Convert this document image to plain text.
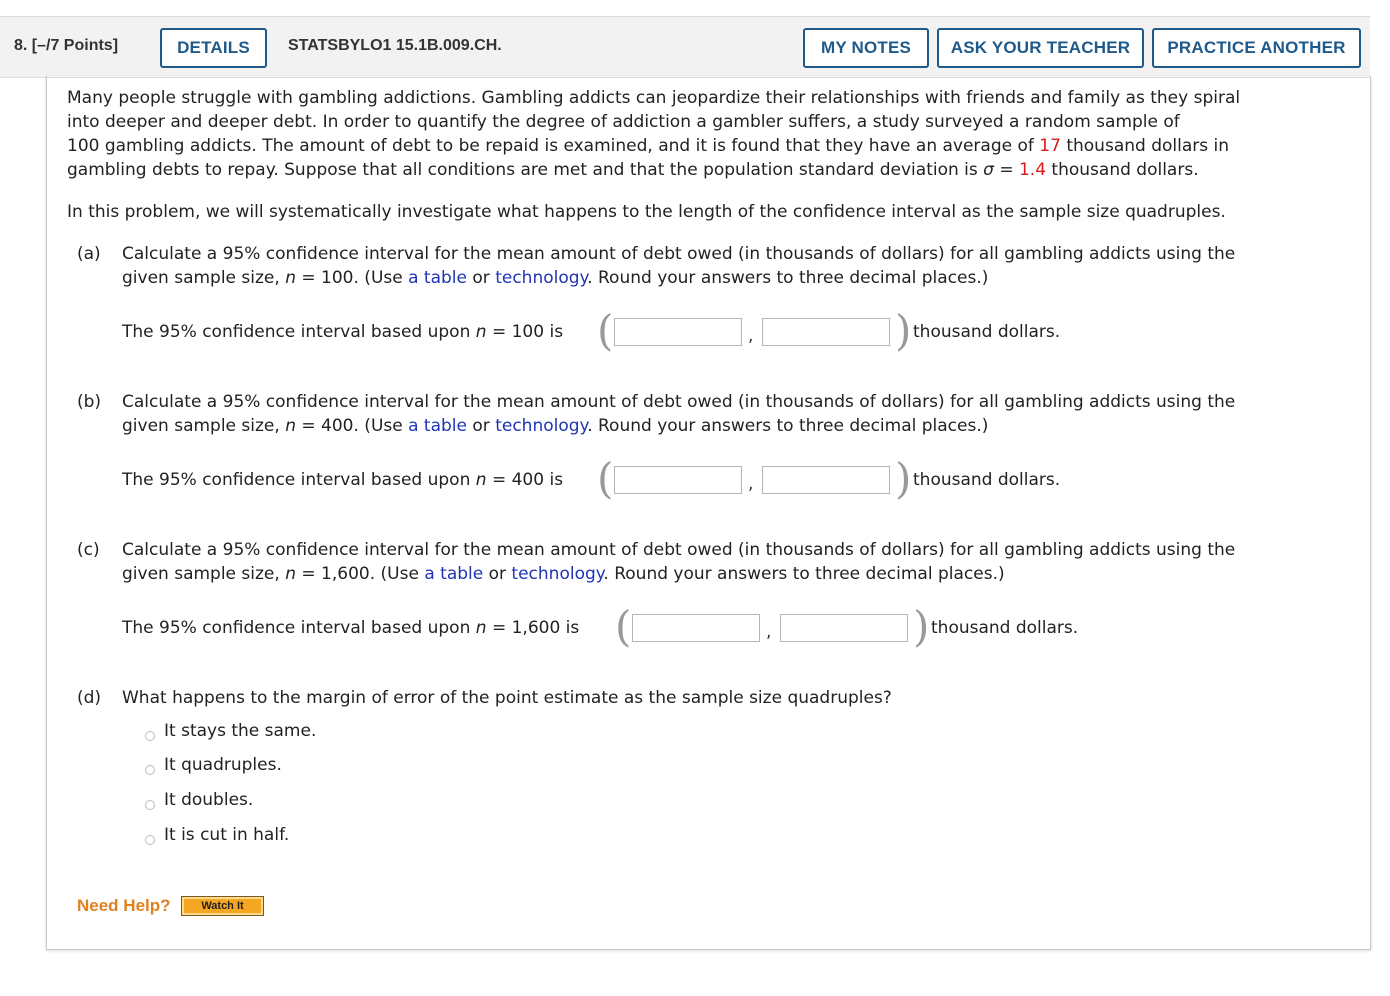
8. [–/7 Points]	DETAILS	STATSBYLO1 15.1B.009.CH.	MY NOTES	ASK YOUR TEACHER	PRACTICE ANOTHER
Many people struggle with gambling addictions. Gambling addicts can jeopardize their relationships with friends and family as they spiral
into deeper and deeper debt. In order to quantify the degree of addiction a gambler suffers, a study surveyed a random sample of
100 gambling addicts. The amount of debt to be repaid is examined, and it is found that they have an average of 17 thousand dollars in
gambling debts to repay. Suppose that all conditions are met and that the population standard deviation is σ = 1.4 thousand dollars.
In this problem, we will systematically investigate what happens to the length of the confidence interval as the sample size quadruples.
(a) Calculate a 95% confidence interval for the mean amount of debt owed (in thousands of dollars) for all gambling addicts using the
given sample size, n = 100. (Use a table or technology. Round your answers to three decimal places.)
The 95% confidence interval based upon n = 100 is (	,	) thousand dollars.
(b) Calculate a 95% confidence interval for the mean amount of debt owed (in thousands of dollars) for all gambling addicts using the
given sample size, n = 400. (Use a table or technology. Round your answers to three decimal places.)
The 95% confidence interval based upon n = 400 is (	,	) thousand dollars.
(c) Calculate a 95% confidence interval for the mean amount of debt owed (in thousands of dollars) for all gambling addicts using the
given sample size, n = 1,600. (Use a table or technology. Round your answers to three decimal places.)
The 95% confidence interval based upon n = 1,600 is (	,	) thousand dollars.
(d) What happens to the margin of error of the point estimate as the sample size quadruples?
It stays the same.
It quadruples.
It doubles.
It is cut in half.
Need Help?	Watch It
